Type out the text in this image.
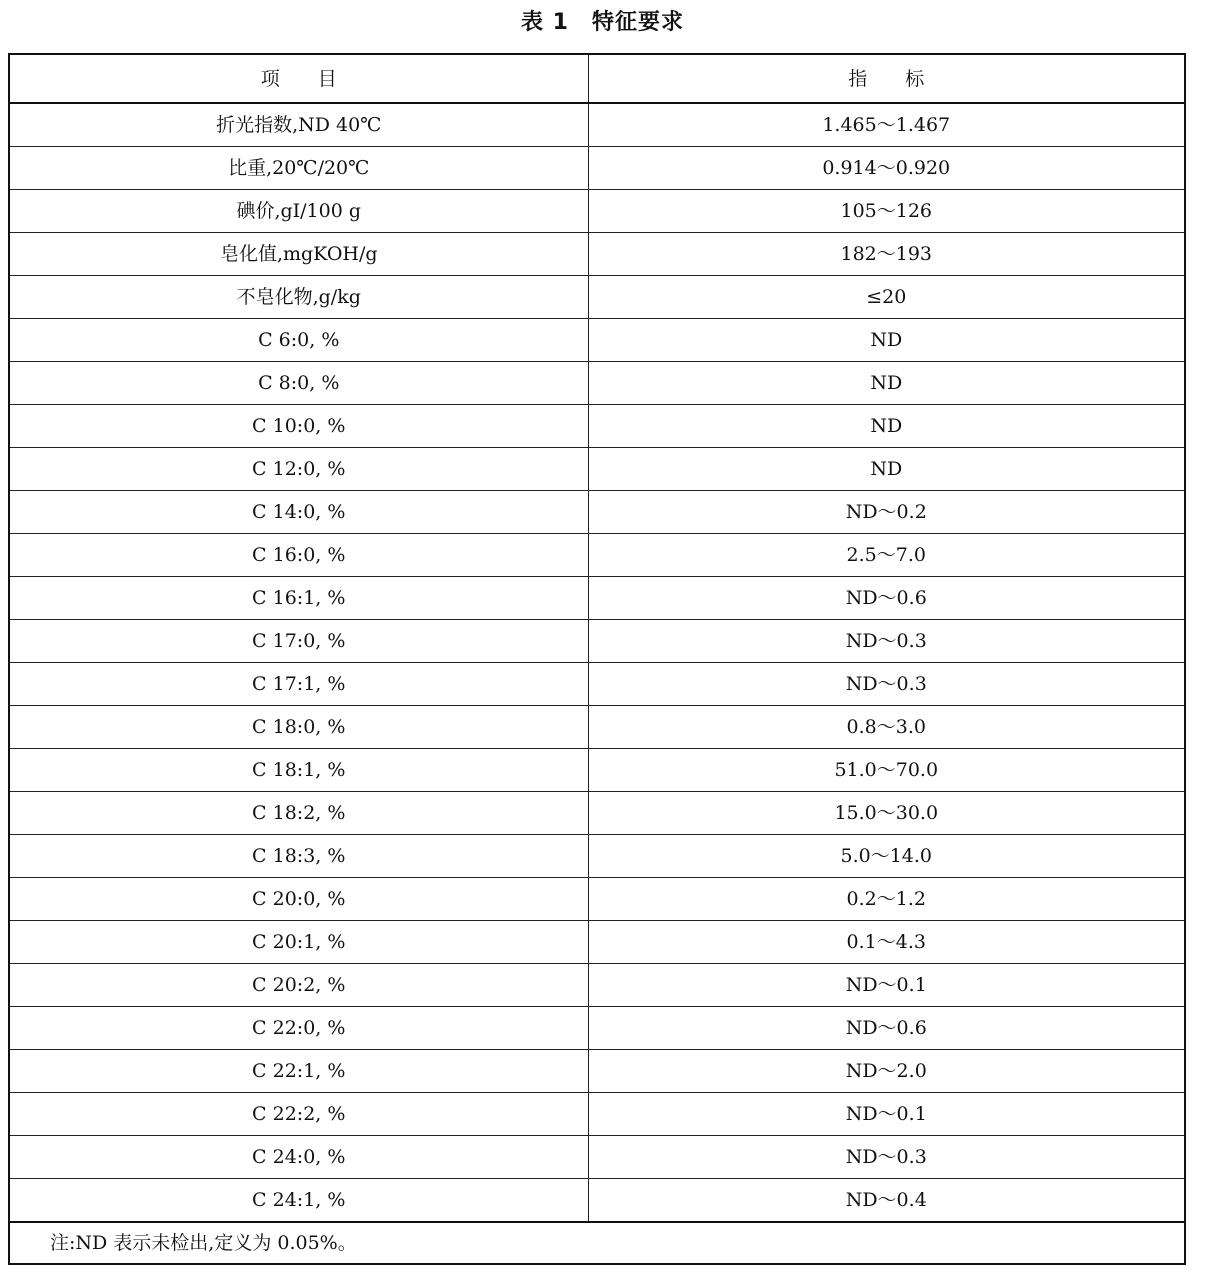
表 1　特征要求
项目	指标
折光指数,ND 40℃	1.465～1.467
比重,20℃/20℃	0.914～0.920
碘价,gI/100 g	105～126
皂化值,mgKOH/g	182～193
不皂化物,g/kg	≤20
C 6:0, %	ND
C 8:0, %	ND
C 10:0, %	ND
C 12:0, %	ND
C 14:0, %	ND～0.2
C 16:0, %	2.5～7.0
C 16:1, %	ND～0.6
C 17:0, %	ND～0.3
C 17:1, %	ND～0.3
C 18:0, %	0.8～3.0
C 18:1, %	51.0～70.0
C 18:2, %	15.0～30.0
C 18:3, %	5.0～14.0
C 20:0, %	0.2～1.2
C 20:1, %	0.1～4.3
C 20:2, %	ND～0.1
C 22:0, %	ND～0.6
C 22:1, %	ND～2.0
C 22:2, %	ND～0.1
C 24:0, %	ND～0.3
C 24:1, %	ND～0.4
注:ND 表示未检出,定义为 0.05%。	
